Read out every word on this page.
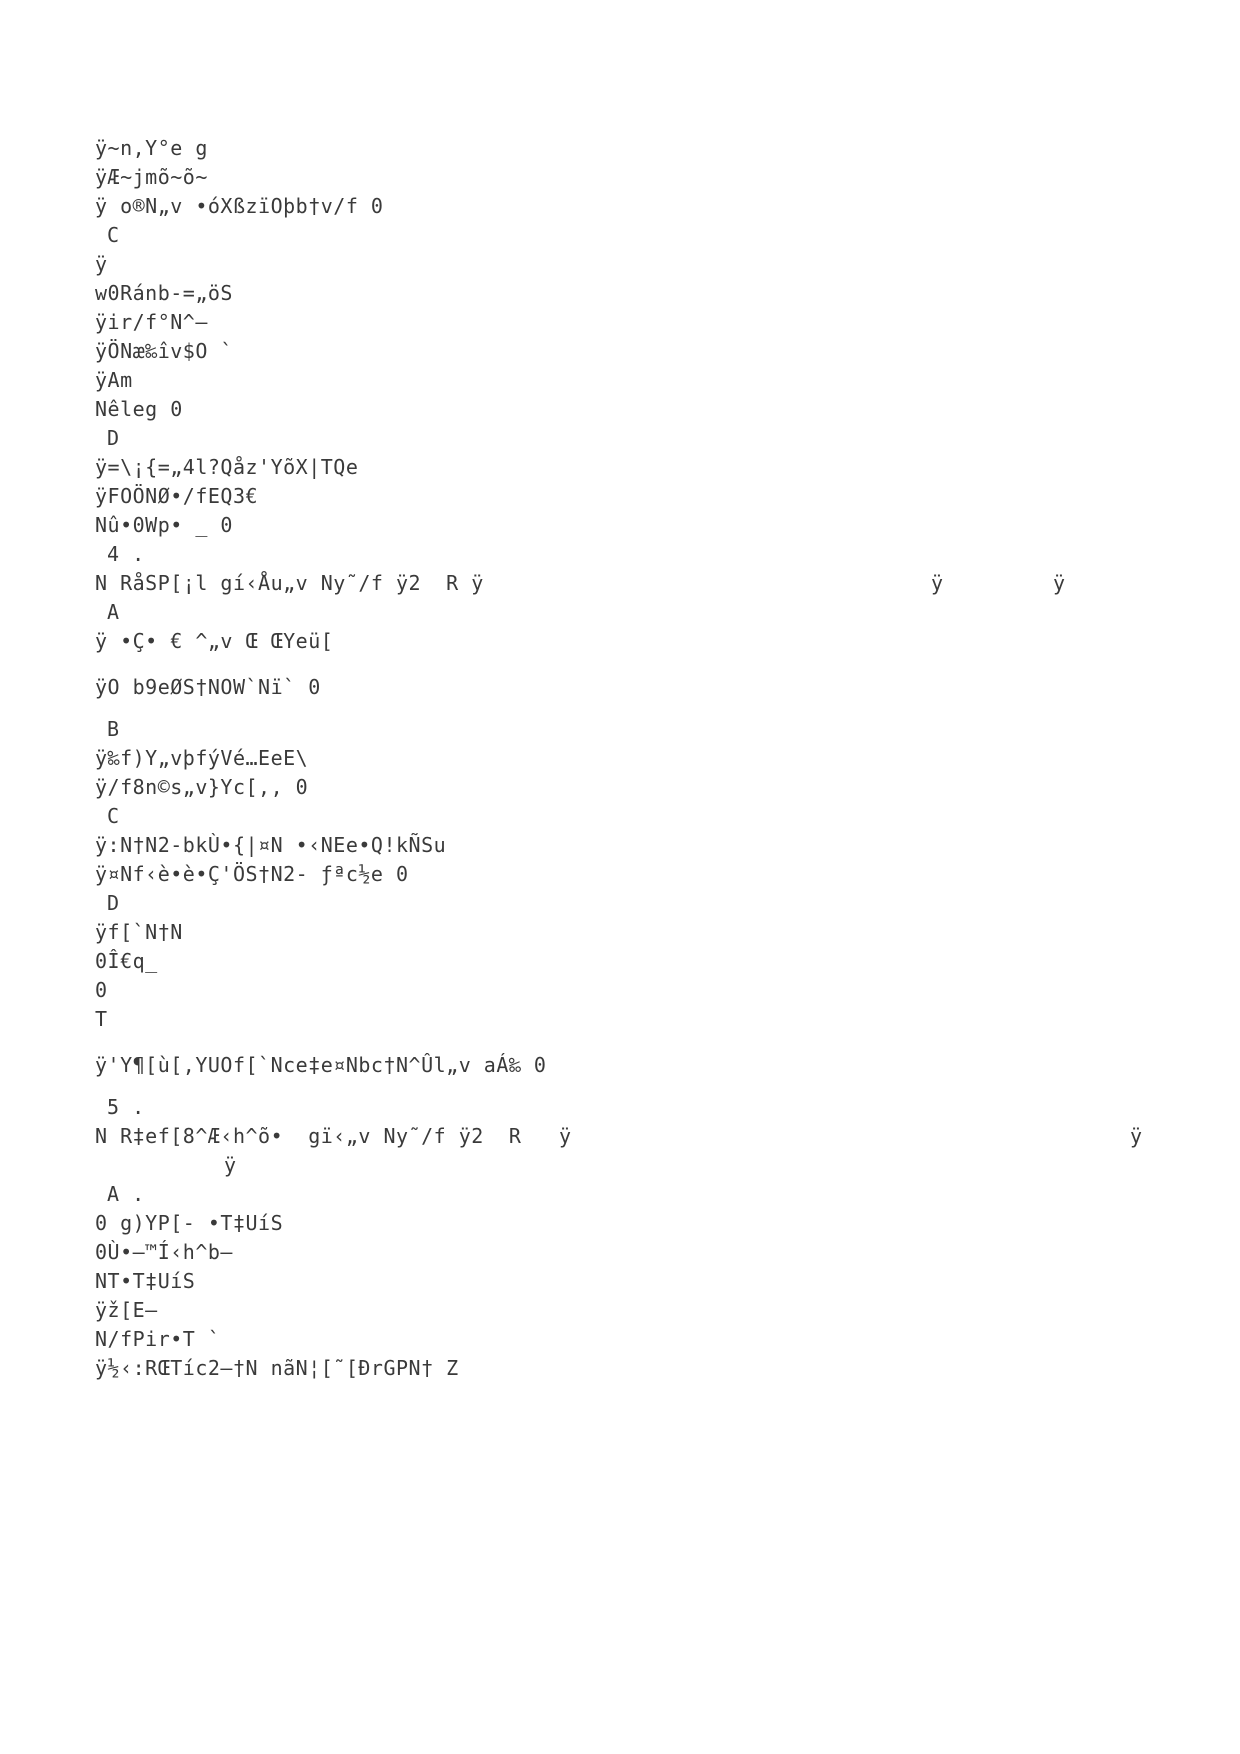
ÿ~n,Y°e g
ÿÆ~jmõ~õ~
ÿ o®N„v •óXßzïOþb†v/f 0
C
ÿ
w0Ránb-=„öS
ÿir/f°N^—
ÿÖNæ‰îv$O `
ÿAm
Nêleg 0
D
ÿ=\¡{=„4l?Qåz'YõX|TQe
ÿFOÖNØ•/fEQ3€
Nû•0Wp• _ 0
4 .
N RåSP[¡l gí‹Åu„v Ny˜/f ÿ2  R ÿ	ÿ	ÿ
A
ÿ •Ç• € ^„v Œ ŒYeü[
ÿO b9eØS†NOW`Nï` 0
B
ÿ‰f)Y„vþfýVé…EeE\
ÿ/f8n©s„v}Yc[,, 0
C
ÿ:N†N2-bkÙ•{|¤N •‹NEe•Q!kÑSu
ÿ¤Nf‹è•è•Ç'ÖS†N2- ƒªc½e 0
D
ÿf[`N†N
0Î€q_
0
T
ÿ'Y¶[ù[,YUOf[`Nce‡e¤Nbc†N^Ûl„v aÁ‰ 0
5 .
N R‡ef[8^Æ‹h^õ•  gï‹„v Ny˜/f ÿ2  R   ÿ	ÿ
ÿ
A .
0 g)YP[- •T‡UíS
0Ù•—™Í‹h^b—
NT•T‡UíS
ÿž[E—
N/fPir•T `
ÿ½‹:RŒTíc2—†N nãN¦[˜[ÐrGPN† Z
